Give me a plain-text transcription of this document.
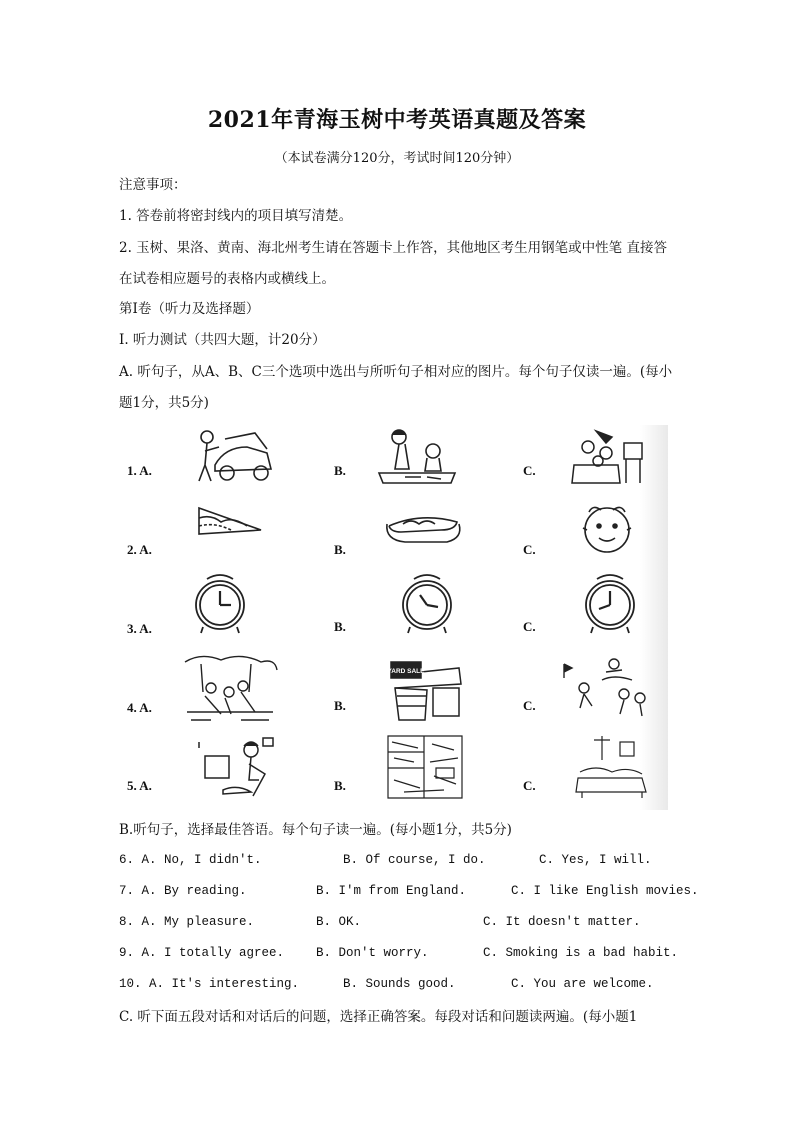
2021年青海玉树中考英语真题及答案
（本试卷满分120分，考试时间120分钟）
注意事项：
1. 答卷前将密封线内的项目填写清楚。
2. 玉树、果洛、黄南、海北州考生请在答题卡上作答，其他地区考生用钢笔或中性笔 直接答在试卷相应题号的表格内或横线上。
第Ⅰ卷（听力及选择题）
Ⅰ. 听力测试（共四大题，计20分）
A. 听句子，从A、B、C三个选项中选出与所听句子相对应的图片。每个句子仅读一遍。(每小题1分，共5分)
1. A.	B.	C.
2. A.	B.	C.
3. A.	B.	C.
4. A.	B.	C.
YARD SALE
5. A.	B.	C.
B.听句子，选择最佳答语。每个句子读一遍。(每小题1分，共5分)
6. A. No, I didn't.	B. Of course, I do.	C. Yes, I will.
7. A. By reading.	B. I'm from England.	C. I like English movies.
8. A. My pleasure.	B. OK.	C. It doesn't matter.
9. A. I totally agree.	B. Don't worry.	C. Smoking is a bad habit.
10. A. It's interesting.	B. Sounds good.	C. You are welcome.
C. 听下面五段对话和对话后的问题，选择正确答案。每段对话和问题读两遍。(每小题1
